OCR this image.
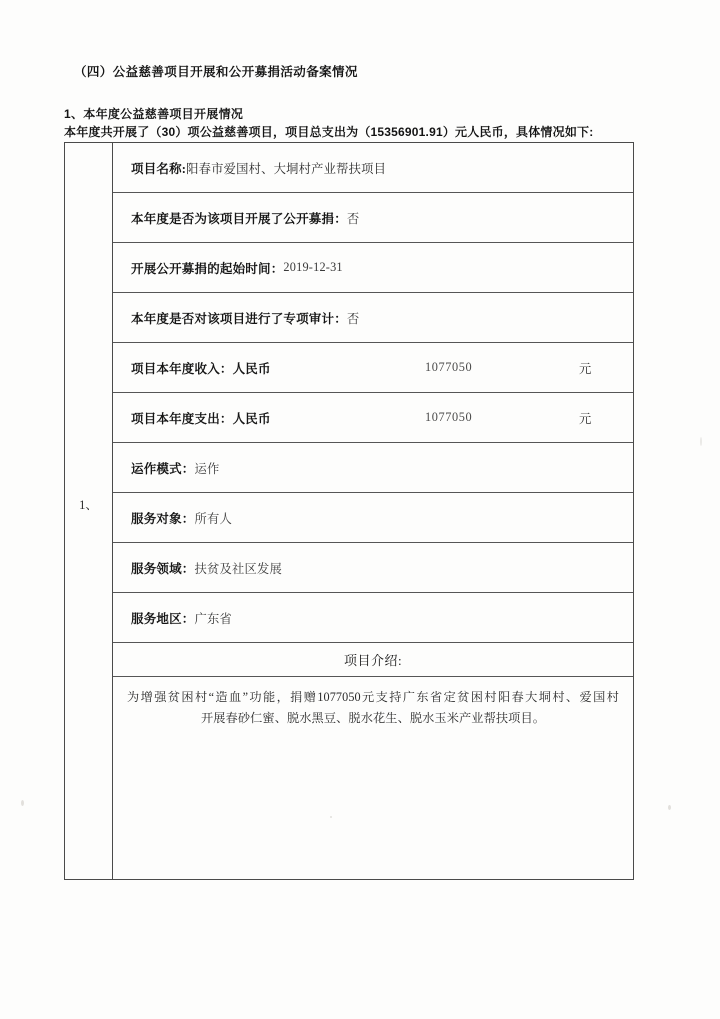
（四）公益慈善项目开展和公开募捐活动备案情况
1、本年度公益慈善项目开展情况
本年度共开展了（30）项公益慈善项目，项目总支出为（15356901.91）元人民币，具体情况如下:
1、
项目名称: 阳春市爱国村、大垌村产业帮扶项目
本年度是否为该项目开展了公开募捐： 否
开展公开募捐的起始时间： 2019-12-31
本年度是否对该项目进行了专项审计： 否
项目本年度收入：人民币	1077050	元
项目本年度支出：人民币	1077050	元
运作模式： 运作
服务对象： 所有人
服务领域： 扶贫及社区发展
服务地区： 广东省
项目介绍:
为增强贫困村“造血”功能，捐赠1077050元支持广东省定贫困村阳春大垌村、爱国村
开展春砂仁蜜、脱水黑豆、脱水花生、脱水玉米产业帮扶项目。
